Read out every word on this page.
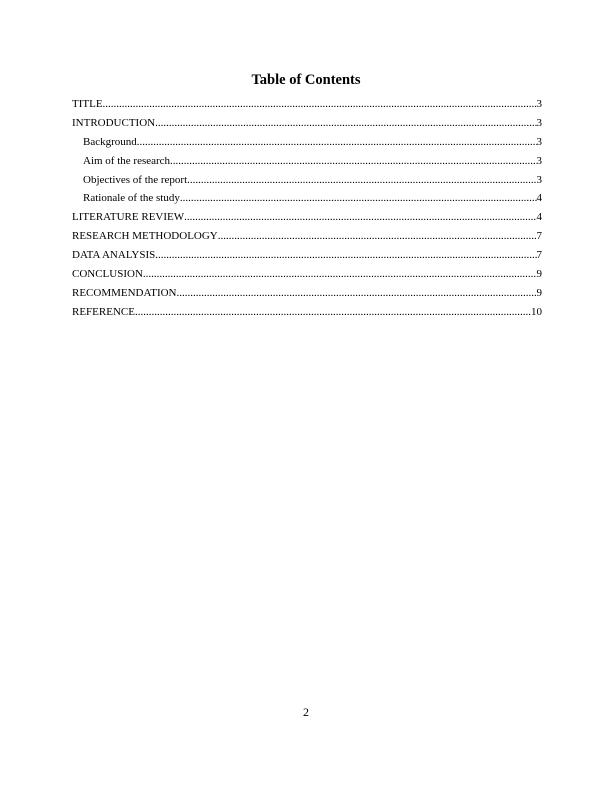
Table of Contents
TITLE .....	3
INTRODUCTION .....	3
Background .....	3
Aim of the research .....	3
Objectives of the report .....	3
Rationale of the study .....	4
LITERATURE REVIEW .....	4
RESEARCH METHODOLOGY .....	7
DATA ANALYSIS .....	7
CONCLUSION .....	9
RECOMMENDATION .....	9
REFERENCE .....	10
2
